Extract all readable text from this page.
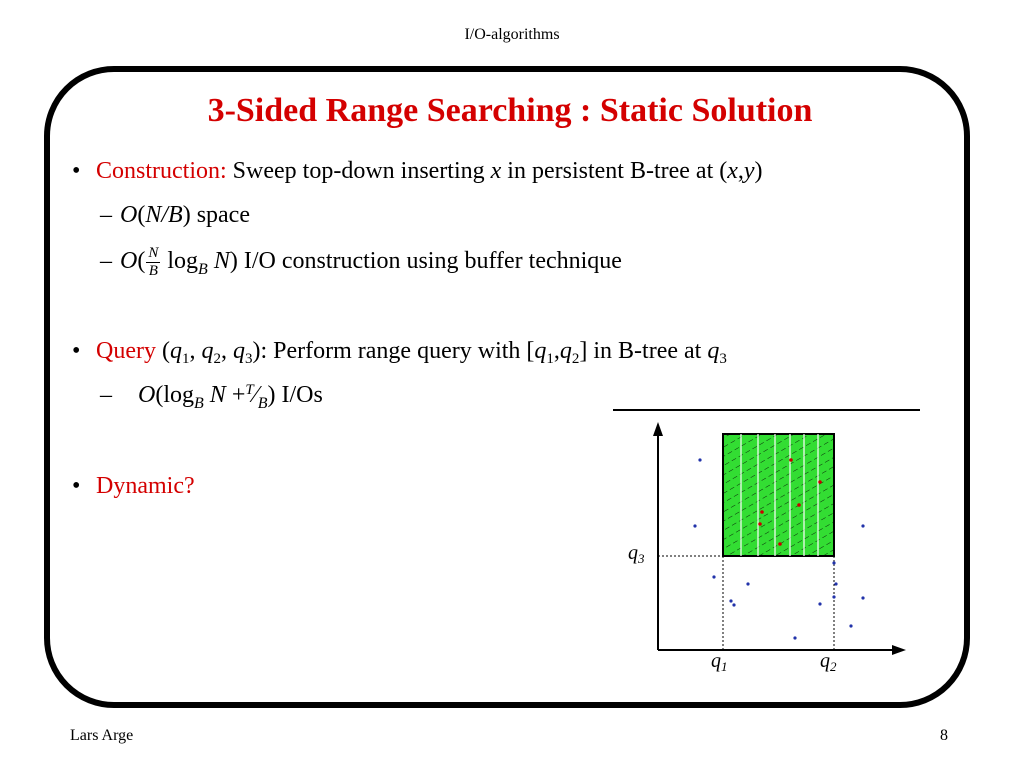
I/O-algorithms
3-Sided Range Searching : Static Solution
• Construction: Sweep top-down inserting x in persistent B-tree at (x,y)
– O(N/B) space
– $O( \frac{N}{B} \log_B N)$ I/O construction using buffer technique
• Query ($q_1$, $q_2$, $q_3$): Perform range query with $[q_1,q_2]$ in B-tree at $q_3$
– $O(\log_B$ $N +^T⁄_B$) I/Os
• Dynamic?
$q_3$
$q_1$	$q_2$
Lars Arge	8
